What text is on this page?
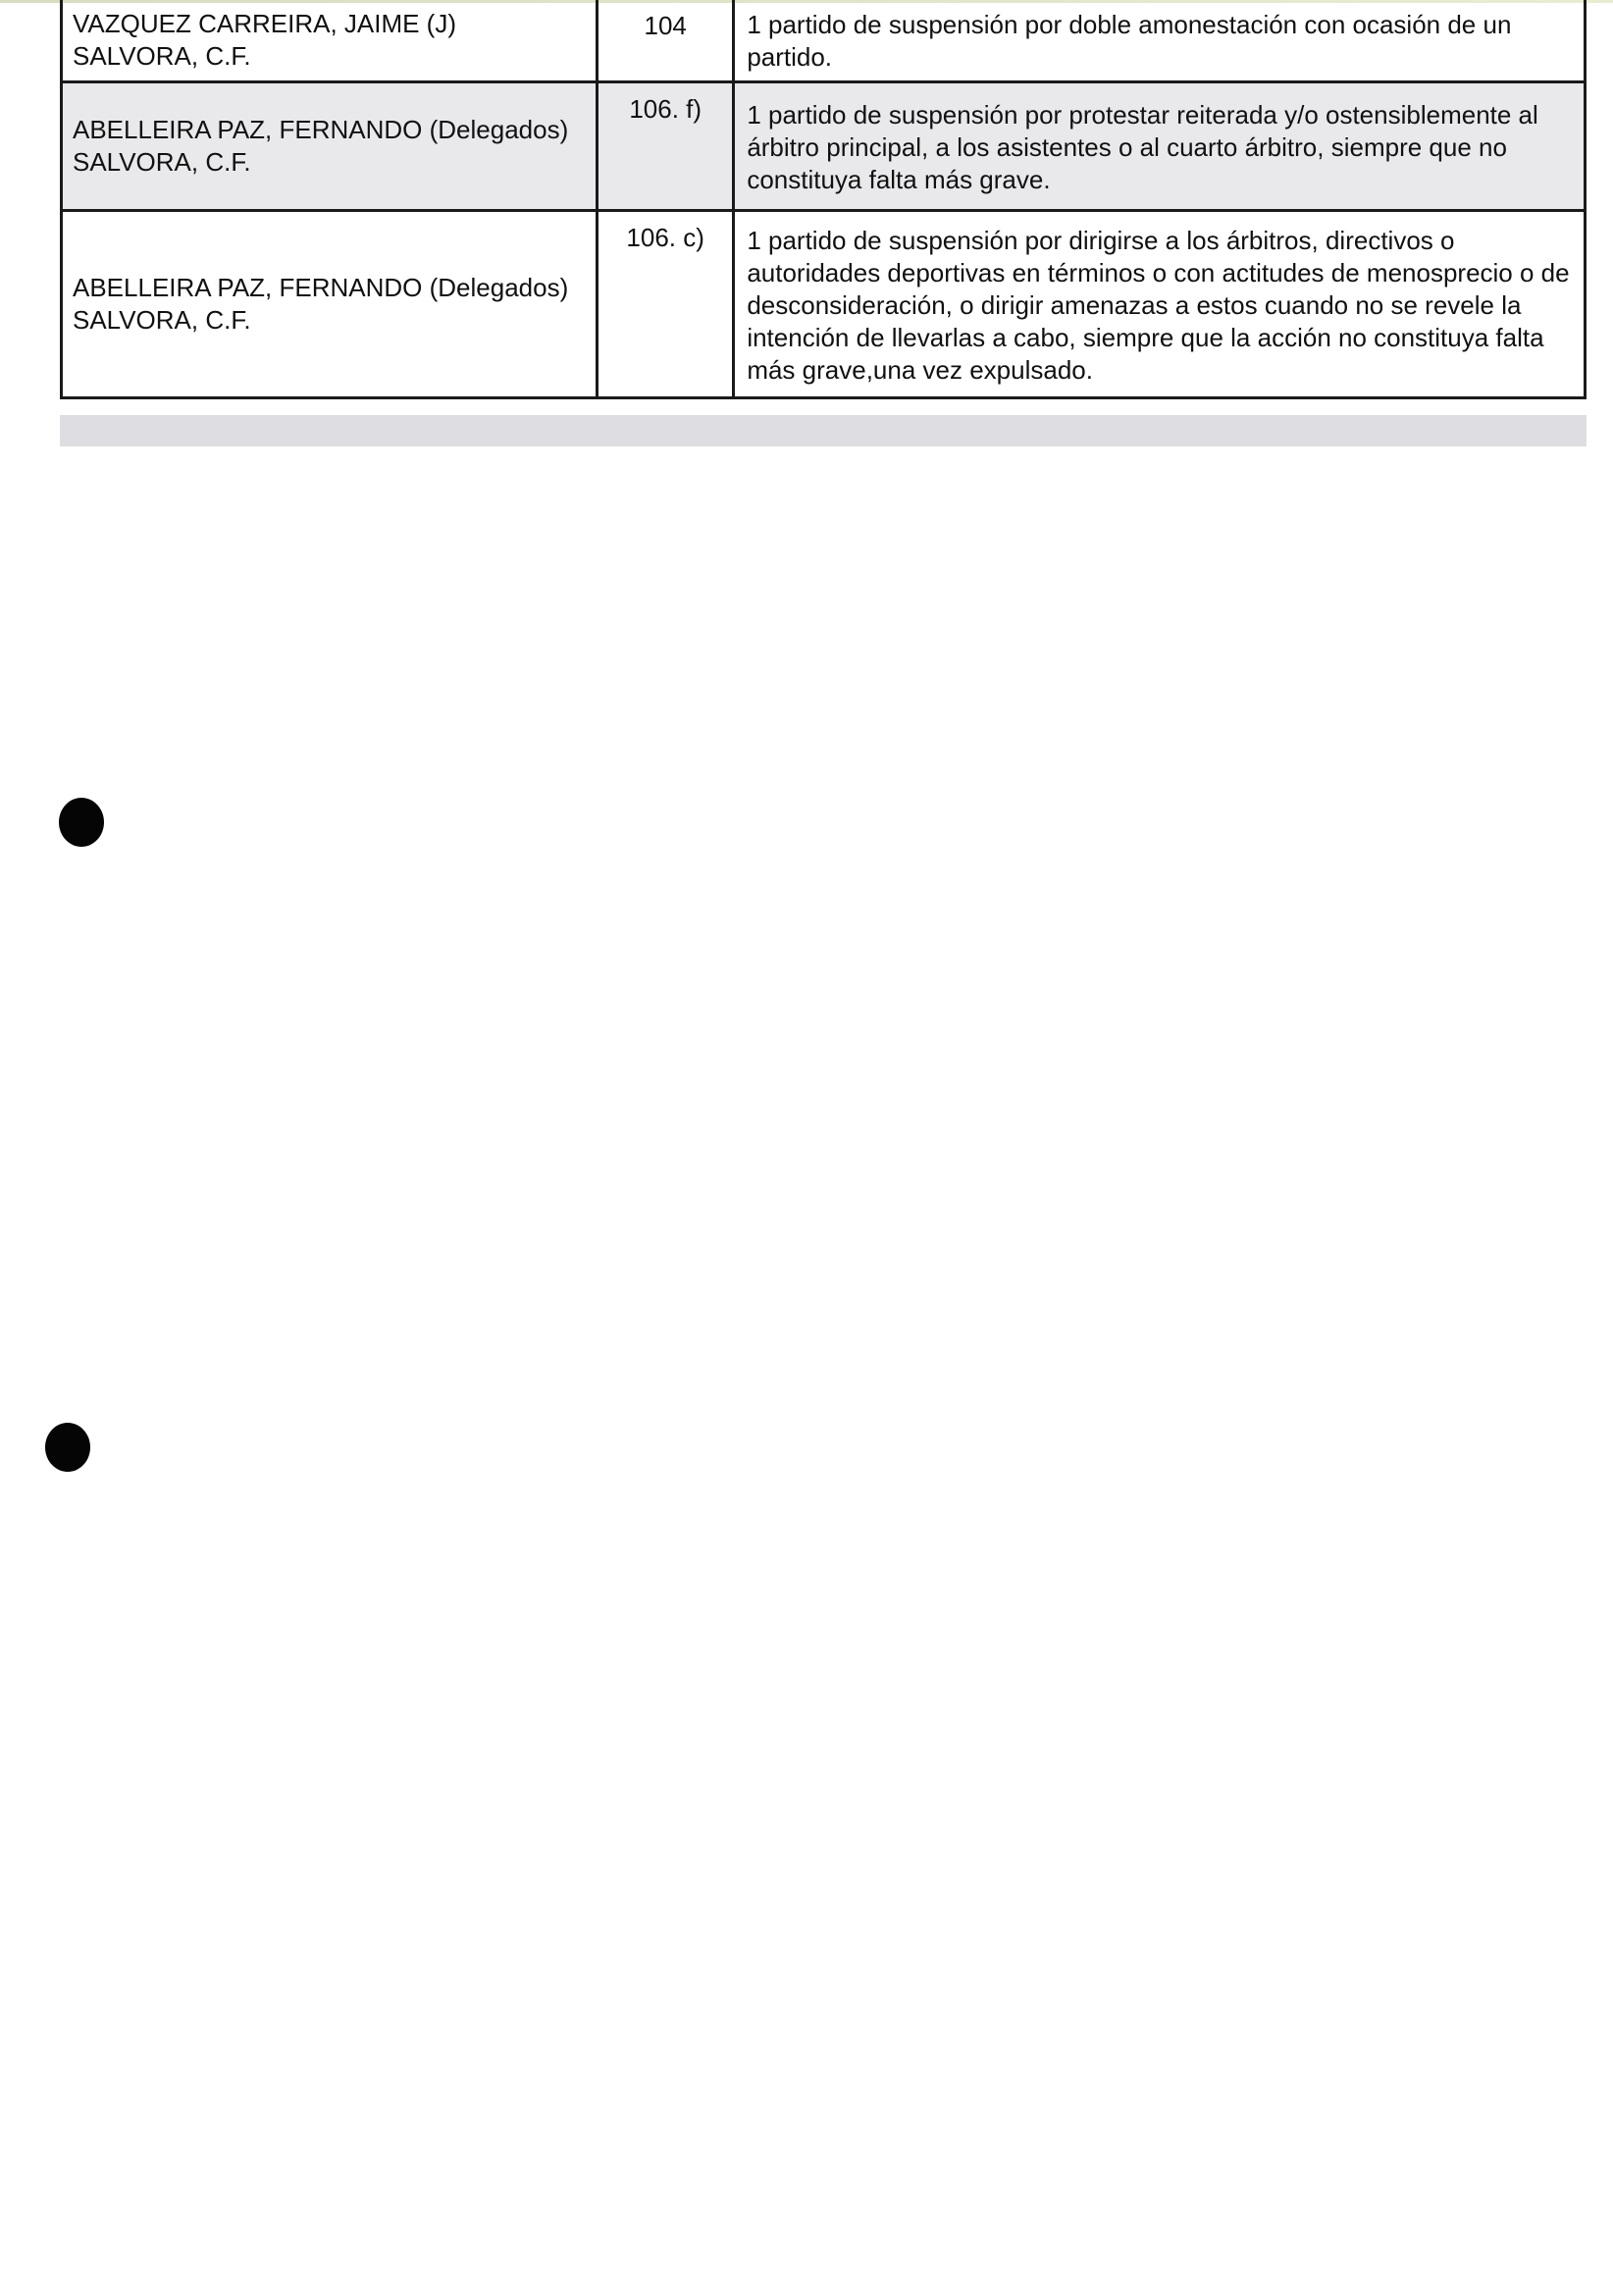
VAZQUEZ CARREIRA, JAIME (J)
SALVORA, C.F.	104	1 partido de suspensión por doble amonestación con ocasión de un partido.

ABELLEIRA PAZ, FERNANDO (Delegados)
SALVORA, C.F.	106. f)	1 partido de suspensión por protestar reiterada y/o ostensiblemente al árbitro principal, a los asistentes o al cuarto árbitro, siempre que no constituya falta más grave.

ABELLEIRA PAZ, FERNANDO (Delegados)
SALVORA, C.F.	106. c)	1 partido de suspensión por dirigirse a los árbitros, directivos o autoridades deportivas en términos o con actitudes de menosprecio o de desconsideración, o dirigir amenazas a estos cuando no se revele la intención de llevarlas a cabo, siempre que la acción no constituya falta más grave,una vez expulsado.
